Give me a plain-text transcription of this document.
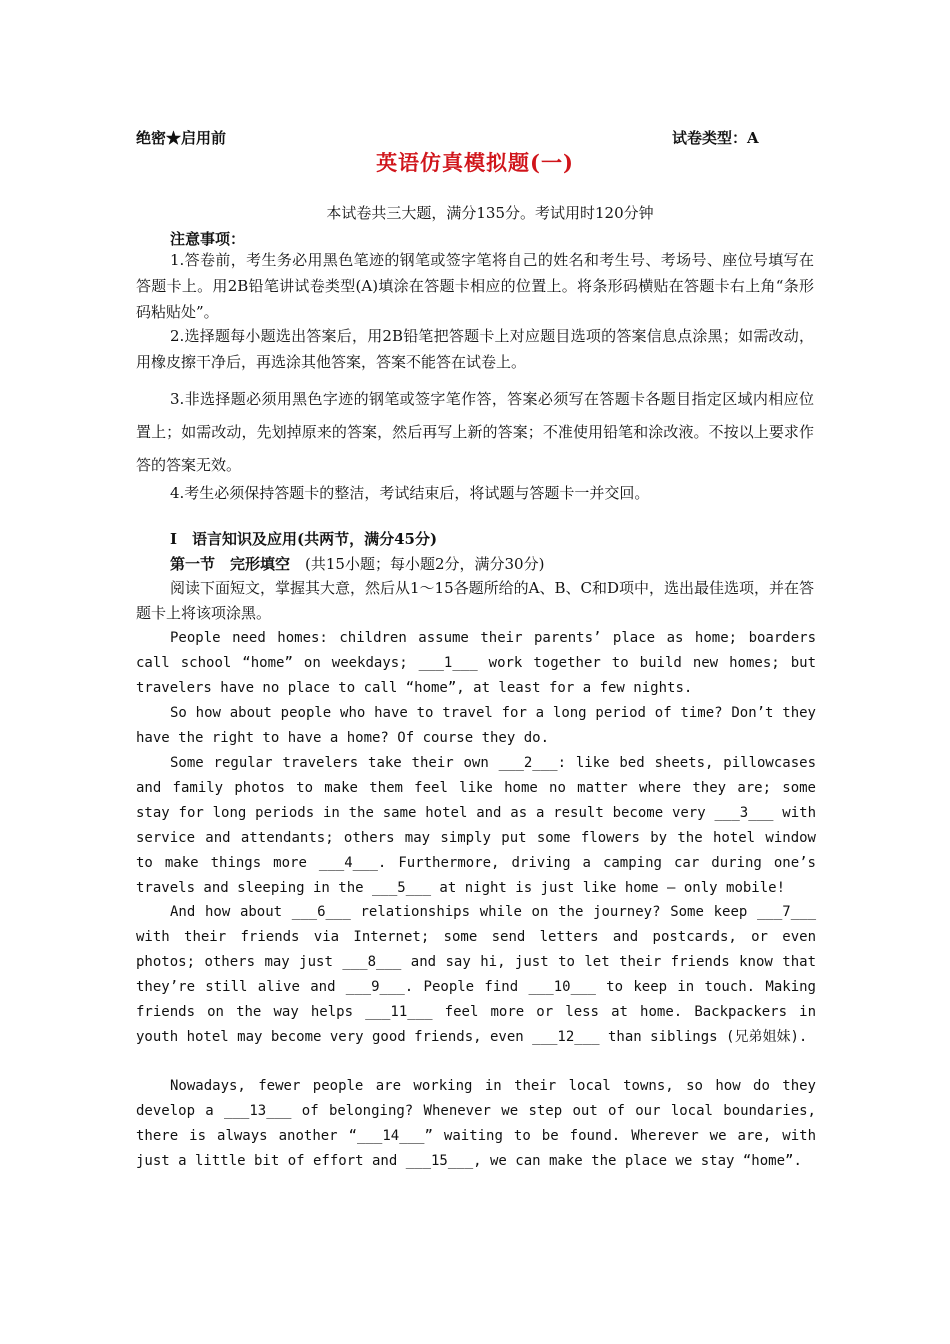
绝密★启用前	试卷类型：A
英语仿真模拟题(一)
本试卷共三大题，满分135分。考试用时120分钟
注意事项：

1.答卷前，考生务必用黑色笔迹的钢笔或签字笔将自己的姓名和考生号、考场号、座位号填写在答题卡上。用2B铅笔讲试卷类型(A)填涂在答题卡相应的位置上。将条形码横贴在答题卡右上角“条形码粘贴处”。

2.选择题每小题选出答案后，用2B铅笔把答题卡上对应题目选项的答案信息点涂黑；如需改动，用橡皮擦干净后，再选涂其他答案，答案不能答在试卷上。

3.非选择题必须用黑色字迹的钢笔或签字笔作答，答案必须写在答题卡各题目指定区域内相应位置上；如需改动，先划掉原来的答案，然后再写上新的答案；不准使用铅笔和涂改液。不按以上要求作答的答案无效。

4.考生必须保持答题卡的整洁，考试结束后，将试题与答题卡一并交回。

I　语言知识及应用(共两节，满分45分)
第一节　完形填空　(共15小题；每小题2分，满分30分)

阅读下面短文，掌握其大意，然后从1～15各题所给的A、B、C和D项中，选出最佳选项，并在答题卡上将该项涂黑。

People need homes: children assume their parents’ place as home; boarders call school “home” on weekdays; ___1___ work together to build new homes; but travelers have no place to call “home”, at least for a few nights.

So how about people who have to travel for a long period of time? Don’t they have the right to have a home? Of course they do.

Some regular travelers take their own ___2___: like bed sheets, pillowcases and family photos to make them feel like home no matter where they are; some stay for long periods in the same hotel and as a result become very ___3___ with service and attendants; others may simply put some flowers by the hotel window to make things more ___4___. Furthermore, driving a camping car during one’s travels and sleeping in the ___5___ at night is just like home — only mobile!

And how about ___6___ relationships while on the journey? Some keep ___7___ with their friends via Internet; some send letters and postcards, or even photos; others may just ___8___ and say hi, just to let their friends know that they’re still alive and ___9___. People find ___10___ to keep in touch. Making friends on the way helps ___11___ feel more or less at home. Backpackers in youth hotel may become very good friends, even ___12___ than siblings (兄弟姐妹).

Nowadays, fewer people are working in their local towns, so how do they develop a ___13___ of belonging? Whenever we step out of our local boundaries, there is always another “___14___” waiting to be found. Wherever we are, with just a little bit of effort and ___15___, we can make the place we stay “home”.
